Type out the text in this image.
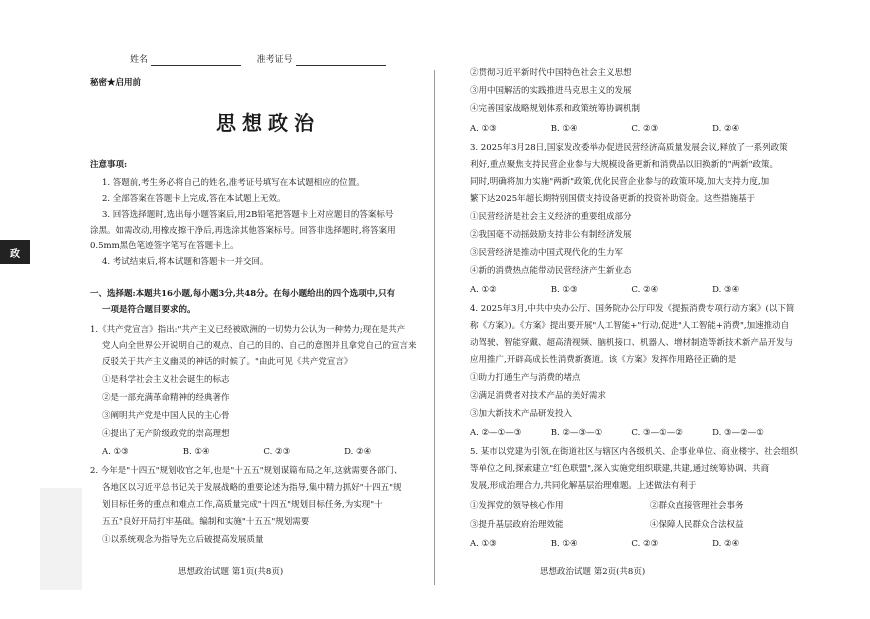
政
姓名	准考证号
秘密★启用前
思想政治
注意事项:
1. 答题前,考生务必将自己的姓名,准考证号填写在本试题相应的位置。
2. 全部答案在答题卡上完成,答在本试题上无效。
3. 回答选择题时,选出每小题答案后,用2B铅笔把答题卡上对应题目的答案标号
涂黑。如需改动,用橡皮擦干净后,再选涂其他答案标号。回答非选择题时,将答案用
0.5mm黑色笔迹签字笔写在答题卡上。
4. 考试结束后,将本试题和答题卡一并交回。
一、选择题:本题共16小题,每小题3分,共48分。在每小题给出的四个选项中,只有
一项是符合题目要求的。
1.《共产党宣言》指出:"共产主义已经被欧洲的一切势力公认为一种势力;现在是共产
党人向全世界公开说明自己的观点、自己的目的、自己的意图并且拿党自己的宣言来
反驳关于共产主义幽灵的神话的时候了。"由此可见《共产党宣言》
①是科学社会主义社会诞生的标志
②是一部充满革命精神的经典著作
③阐明共产党是中国人民的主心骨
④提出了无产阶级政党的崇高理想
A. ①③	B. ①④	C. ②③	D. ②④
2. 今年是"十四五"规划收官之年,也是"十五五"规划谋篇布局之年,这就需要各部门、
各地区以习近平总书记关于发展战略的重要论述为指导,集中精力抓好"十四五"规
划目标任务的重点和难点工作,高质量完成"十四五"规划目标任务,为实现"十
五五"良好开局打牢基础。编制和实施"十五五"规划需要
①以系统观念为指导先立后破提高发展质量
思想政治试题 第1页(共8页)
②贯彻习近平新时代中国特色社会主义思想
③用中国解活的实践推进马克思主义的发展
④完善国家战略规划体系和政策统筹协调机制
A. ①③	B. ①④	C. ②③	D. ②④
3. 2025年3月28日,国家发改委举办促进民营经济高质量发展会议,释放了一系列政策
利好,重点聚焦支持民营企业参与大规模设备更新和消费品以旧换新的"两新"政策。
同时,明确将加力实施"两新"政策,优化民营企业参与的政策环境,加大支持力度,加
繁下达2025年超长期特别国债支持设备更新的投资补助资金。这些措施基于
①民营经济是社会主义经济的重要组成部分
②我国毫不动摇鼓励支持非公有制经济发展
③民营经济是推动中国式现代化的生力军
④新的消费热点能带动民营经济产生新业态
A. ①②	B. ①③	C. ②④	D. ③④
4. 2025年3月,中共中央办公厅、国务院办公厅印发《提振消费专项行动方案》(以下简
称《方案》)。《方案》提出要开展"人工智能+"行动,促进"人工智能+消费",加速推动自
动驾驶、智能穿戴、超高清视频、脑机接口、机器人、增材制造等新技术新产品开发与
应用推广,开辟高成长性消费新赛道。该《方案》发挥作用路径正确的是
①助力打通生产与消费的堵点
②满足消费者对技术产品的美好需求
③加大新技术产品研发投入
A. ②—①—③	B. ②—③—①	C. ③—①—②	D. ③—②—①
5. 某市以党建为引领,在街道社区与辖区内各级机关、企事业单位、商业楼宇、社会组织
等单位之间,探索建立"红色联盟",深入实施党组织联建,共建,通过统筹协调、共商
发展,形成治理合力,共同化解基层治理难题。上述做法有利于
①发挥党的领导核心作用	②群众直接管理社会事务
③提升基层政府治理效能	④保障人民群众合法权益
A. ①③	B. ①④	C. ②③	D. ②④
思想政治试题 第2页(共8页)
